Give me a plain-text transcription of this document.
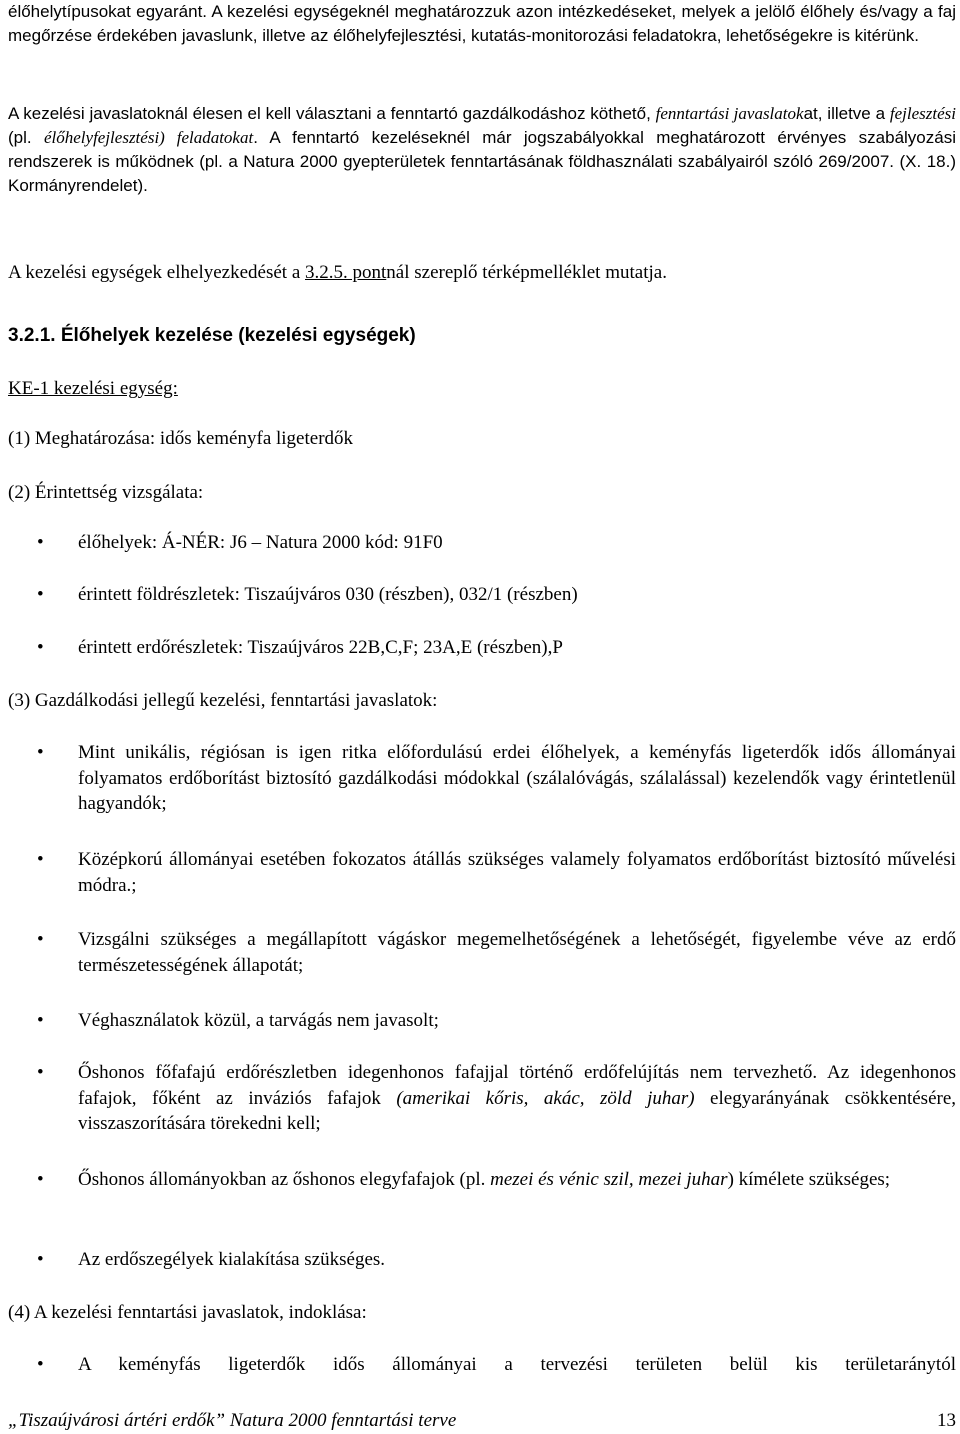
élőhelytípusokat egyaránt. A kezelési egységeknél meghatározzuk azon intézkedéseket, melyek a jelölő élőhely és/vagy a faj megőrzése érdekében javaslunk, illetve az élőhelyfejlesztési, kutatás-monitorozási feladatokra, lehetőségekre is kitérünk.

A kezelési javaslatoknál élesen el kell választani a fenntartó gazdálkodáshoz köthető, fenntartási javaslatokat, illetve a fejlesztési (pl. élőhelyfejlesztési) feladatokat. A fenntartó kezeléseknél már jogszabályokkal meghatározott érvényes szabályozási rendszerek is működnek (pl. a Natura 2000 gyepterületek fenntartásának földhasználati szabályairól szóló 269/2007. (X. 18.) Kormányrendelet).

A kezelési egységek elhelyezkedését a 3.2.5. pontnál szereplő térképmelléklet mutatja.

3.2.1. Élőhelyek kezelése (kezelési egységek)

KE-1 kezelési egység:

(1) Meghatározása: idős keményfa ligeterdők

(2) Érintettség vizsgálata:

• élőhelyek: Á-NÉR: J6 – Natura 2000 kód: 91F0

• érintett földrészletek: Tiszaújváros 030 (részben), 032/1 (részben)

• érintett erdőrészletek: Tiszaújváros 22B,C,F; 23A,E (részben),P

(3) Gazdálkodási jellegű kezelési, fenntartási javaslatok:

• Mint unikális, régiósan is igen ritka előfordulású erdei élőhelyek, a keményfás ligeterdők idős állományai folyamatos erdőborítást biztosító gazdálkodási módokkal (szálalóvágás, szálalással) kezelendők vagy érintetlenül hagyandók;

• Középkorú állományai esetében fokozatos átállás szükséges valamely folyamatos erdőborítást biztosító művelési módra.;

• Vizsgálni szükséges a megállapított vágáskor megemelhetőségének a lehetőségét, figyelembe véve az erdő természetességének állapotát;

• Véghasználatok közül, a tarvágás nem javasolt;

• Őshonos főfafajú erdőrészletben idegenhonos fafajjal történő erdőfelújítás nem tervezhető. Az idegenhonos fafajok, főként az inváziós fafajok (amerikai kőris, akác, zöld juhar) elegyarányának csökkentésére, visszaszorítására törekedni kell;

• Őshonos állományokban az őshonos elegyfafajok (pl. mezei és vénic szil, mezei juhar) kímélete szükséges;

• Az erdőszegélyek kialakítása szükséges.

(4) A kezelési fenntartási javaslatok, indoklása:

• A keményfás ligeterdők idős állományai a tervezési területen belül kis területaránytól

„Tiszaújvárosi ártéri erdők” Natura 2000 fenntartási terve	13
